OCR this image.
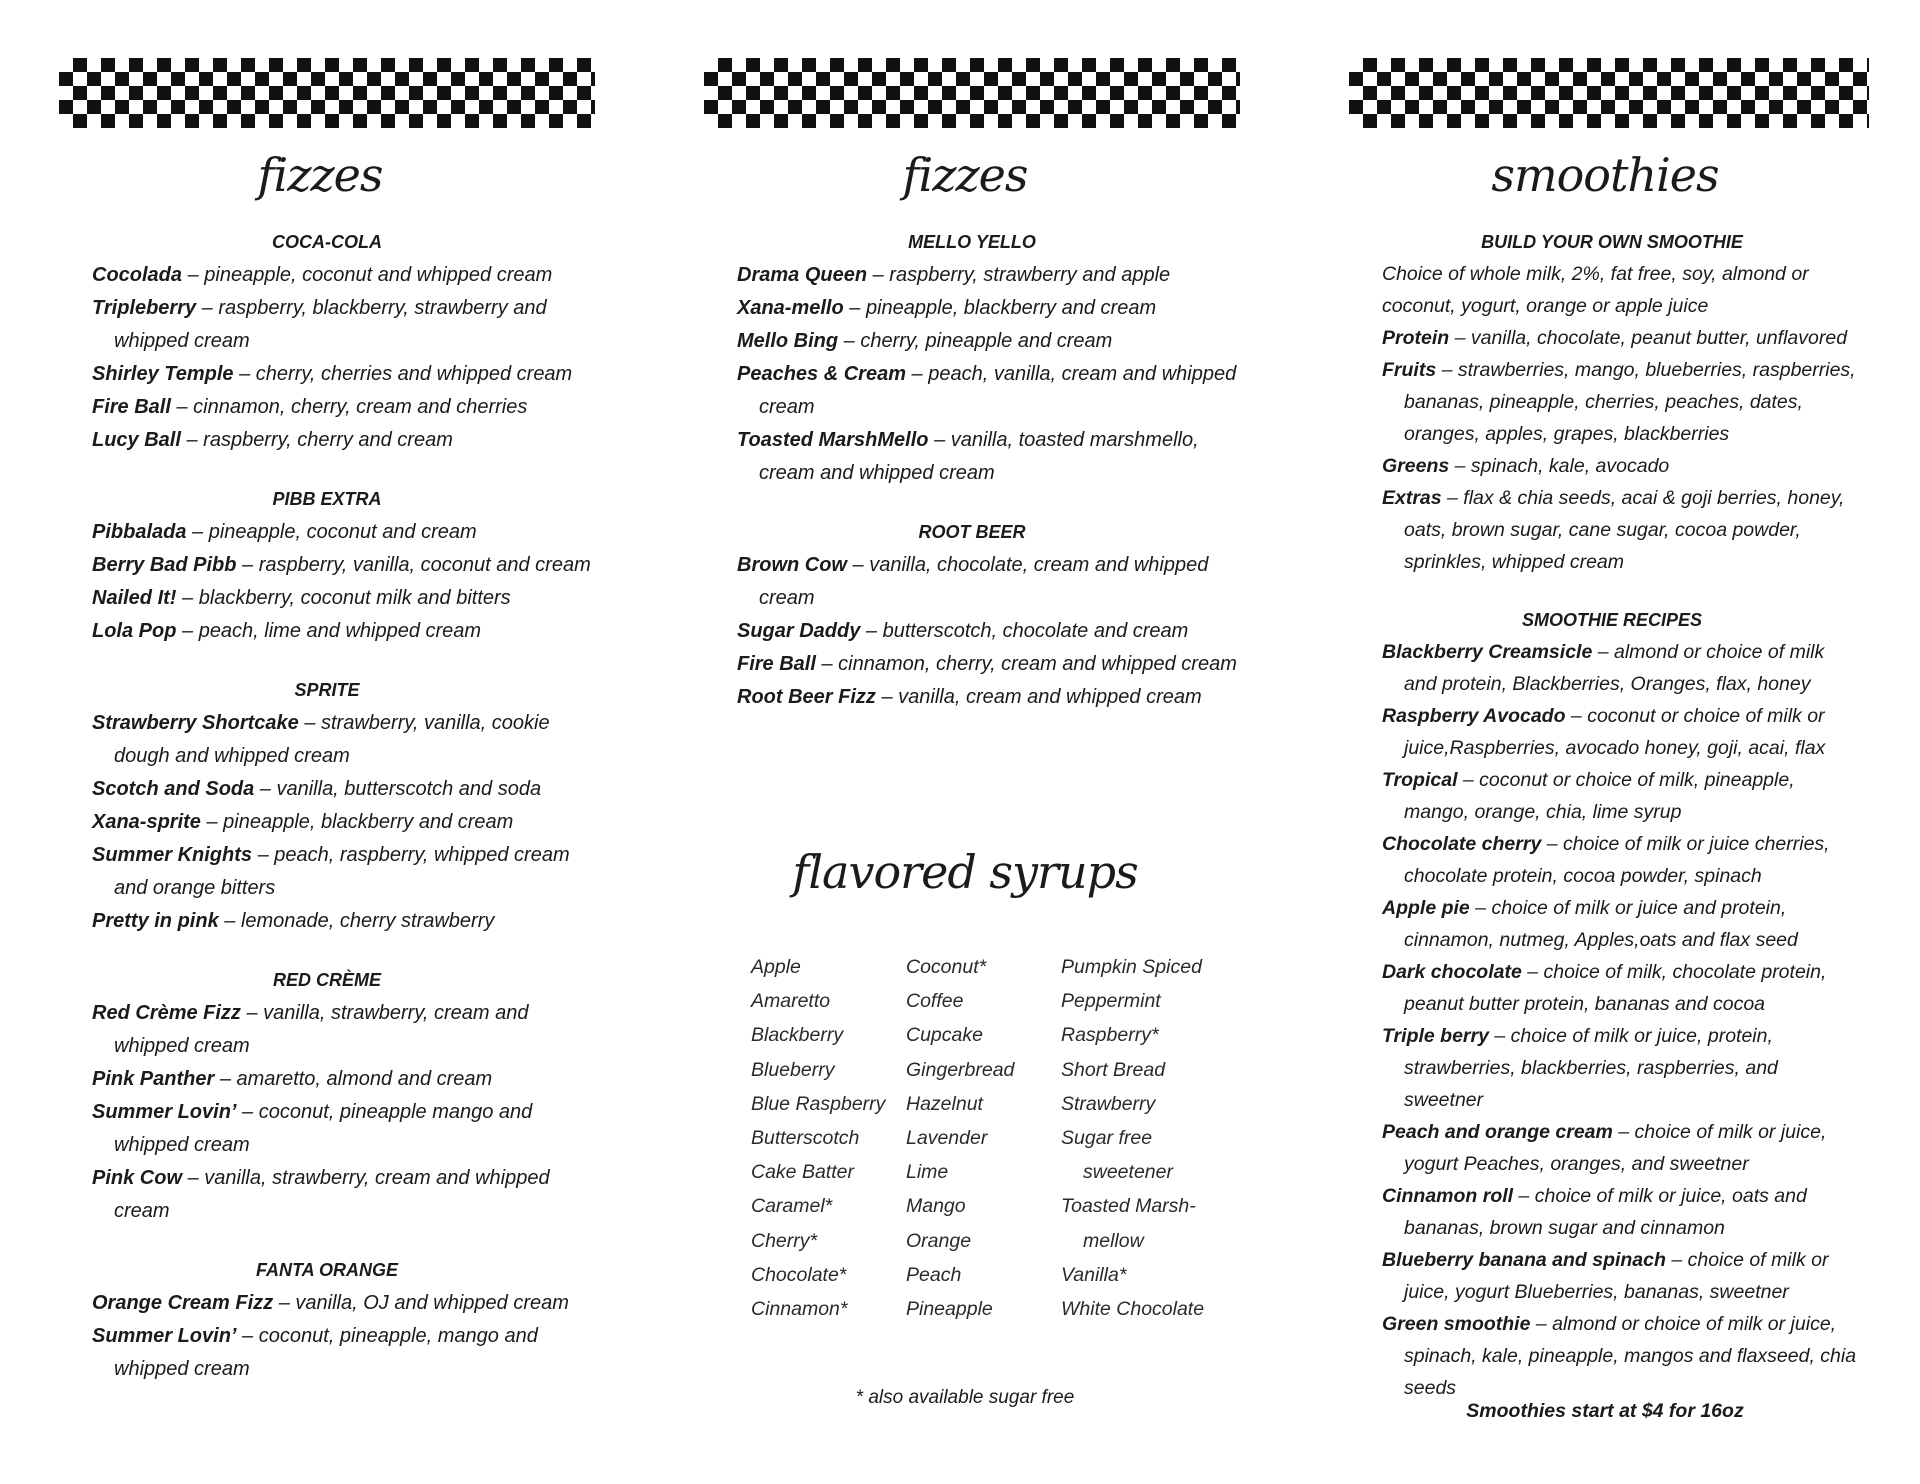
fizzes
COCA-COLA
Cocolada – pineapple, coconut and whipped cream
Tripleberry – raspberry, blackberry, strawberry and whipped cream
Shirley Temple – cherry, cherries and whipped cream
Fire Ball – cinnamon, cherry, cream and cherries
Lucy Ball – raspberry, cherry and cream
PIBB EXTRA
Pibbalada – pineapple, coconut and cream
Berry Bad Pibb – raspberry, vanilla, coconut and cream
Nailed It! – blackberry, coconut milk and bitters
Lola Pop – peach, lime and whipped cream
SPRITE
Strawberry Shortcake – strawberry, vanilla, cookie dough and whipped cream
Scotch and Soda – vanilla, butterscotch and soda
Xana-sprite – pineapple, blackberry and cream
Summer Knights – peach, raspberry, whipped cream and orange bitters
Pretty in pink – lemonade, cherry strawberry
RED CRÈME
Red Crème Fizz – vanilla, strawberry, cream and whipped cream
Pink Panther – amaretto, almond and cream
Summer Lovin’ – coconut, pineapple mango and whipped cream
Pink Cow – vanilla, strawberry, cream and whipped cream
FANTA ORANGE
Orange Cream Fizz – vanilla, OJ and whipped cream
Summer Lovin’ – coconut, pineapple, mango and whipped cream
fizzes
MELLO YELLO
Drama Queen – raspberry, strawberry and apple
Xana-mello – pineapple, blackberry and cream
Mello Bing – cherry, pineapple and cream
Peaches & Cream – peach, vanilla, cream and whipped cream
Toasted MarshMello – vanilla, toasted marshmello, cream and whipped cream
ROOT BEER
Brown Cow – vanilla, chocolate, cream and whipped cream
Sugar Daddy – butterscotch, chocolate and cream
Fire Ball – cinnamon, cherry, cream and whipped cream
Root Beer Fizz – vanilla, cream and whipped cream
flavored syrups
Apple
Amaretto
Blackberry
Blueberry
Blue Raspberry
Butterscotch
Cake Batter
Caramel*
Cherry*
Chocolate*
Cinnamon*
Coconut*
Coffee
Cupcake
Gingerbread
Hazelnut
Lavender
Lime
Mango
Orange
Peach
Pineapple
Pumpkin Spiced
Peppermint
Raspberry*
Short Bread
Strawberry
Sugar free
sweetener
Toasted Marsh-
mellow
Vanilla*
White Chocolate
* also available sugar free
smoothies
BUILD YOUR OWN SMOOTHIE
Choice of whole milk, 2%, fat free, soy, almond or coconut, yogurt, orange or apple juice
Protein – vanilla, chocolate, peanut butter, unflavored
Fruits – strawberries, mango, blueberries, raspberries, bananas, pineapple, cherries, peaches, dates, oranges, apples, grapes, blackberries
Greens – spinach, kale, avocado
Extras – flax & chia seeds, acai & goji berries, honey, oats, brown sugar, cane sugar, cocoa powder, sprinkles, whipped cream
SMOOTHIE RECIPES
Blackberry Creamsicle – almond or choice of milk and protein, Blackberries, Oranges, flax, honey
Raspberry Avocado – coconut or choice of milk or juice,Raspberries, avocado honey, goji, acai, flax
Tropical – coconut or choice of milk, pineapple, mango, orange, chia, lime syrup
Chocolate cherry – choice of milk or juice cherries, chocolate protein, cocoa powder, spinach
Apple pie – choice of milk or juice and protein, cinnamon, nutmeg, Apples,oats and flax seed
Dark chocolate – choice of milk, chocolate protein, peanut butter protein, bananas and cocoa
Triple berry – choice of milk or juice, protein, strawberries, blackberries, raspberries, and sweetner
Peach and orange cream – choice of milk or juice, yogurt Peaches, oranges, and sweetner
Cinnamon roll – choice of milk or juice, oats and bananas, brown sugar and cinnamon
Blueberry banana and spinach – choice of milk or juice, yogurt Blueberries, bananas, sweetner
Green smoothie – almond or choice of milk or juice, spinach, kale, pineapple, mangos and flaxseed, chia seeds
Smoothies start at $4 for 16oz
